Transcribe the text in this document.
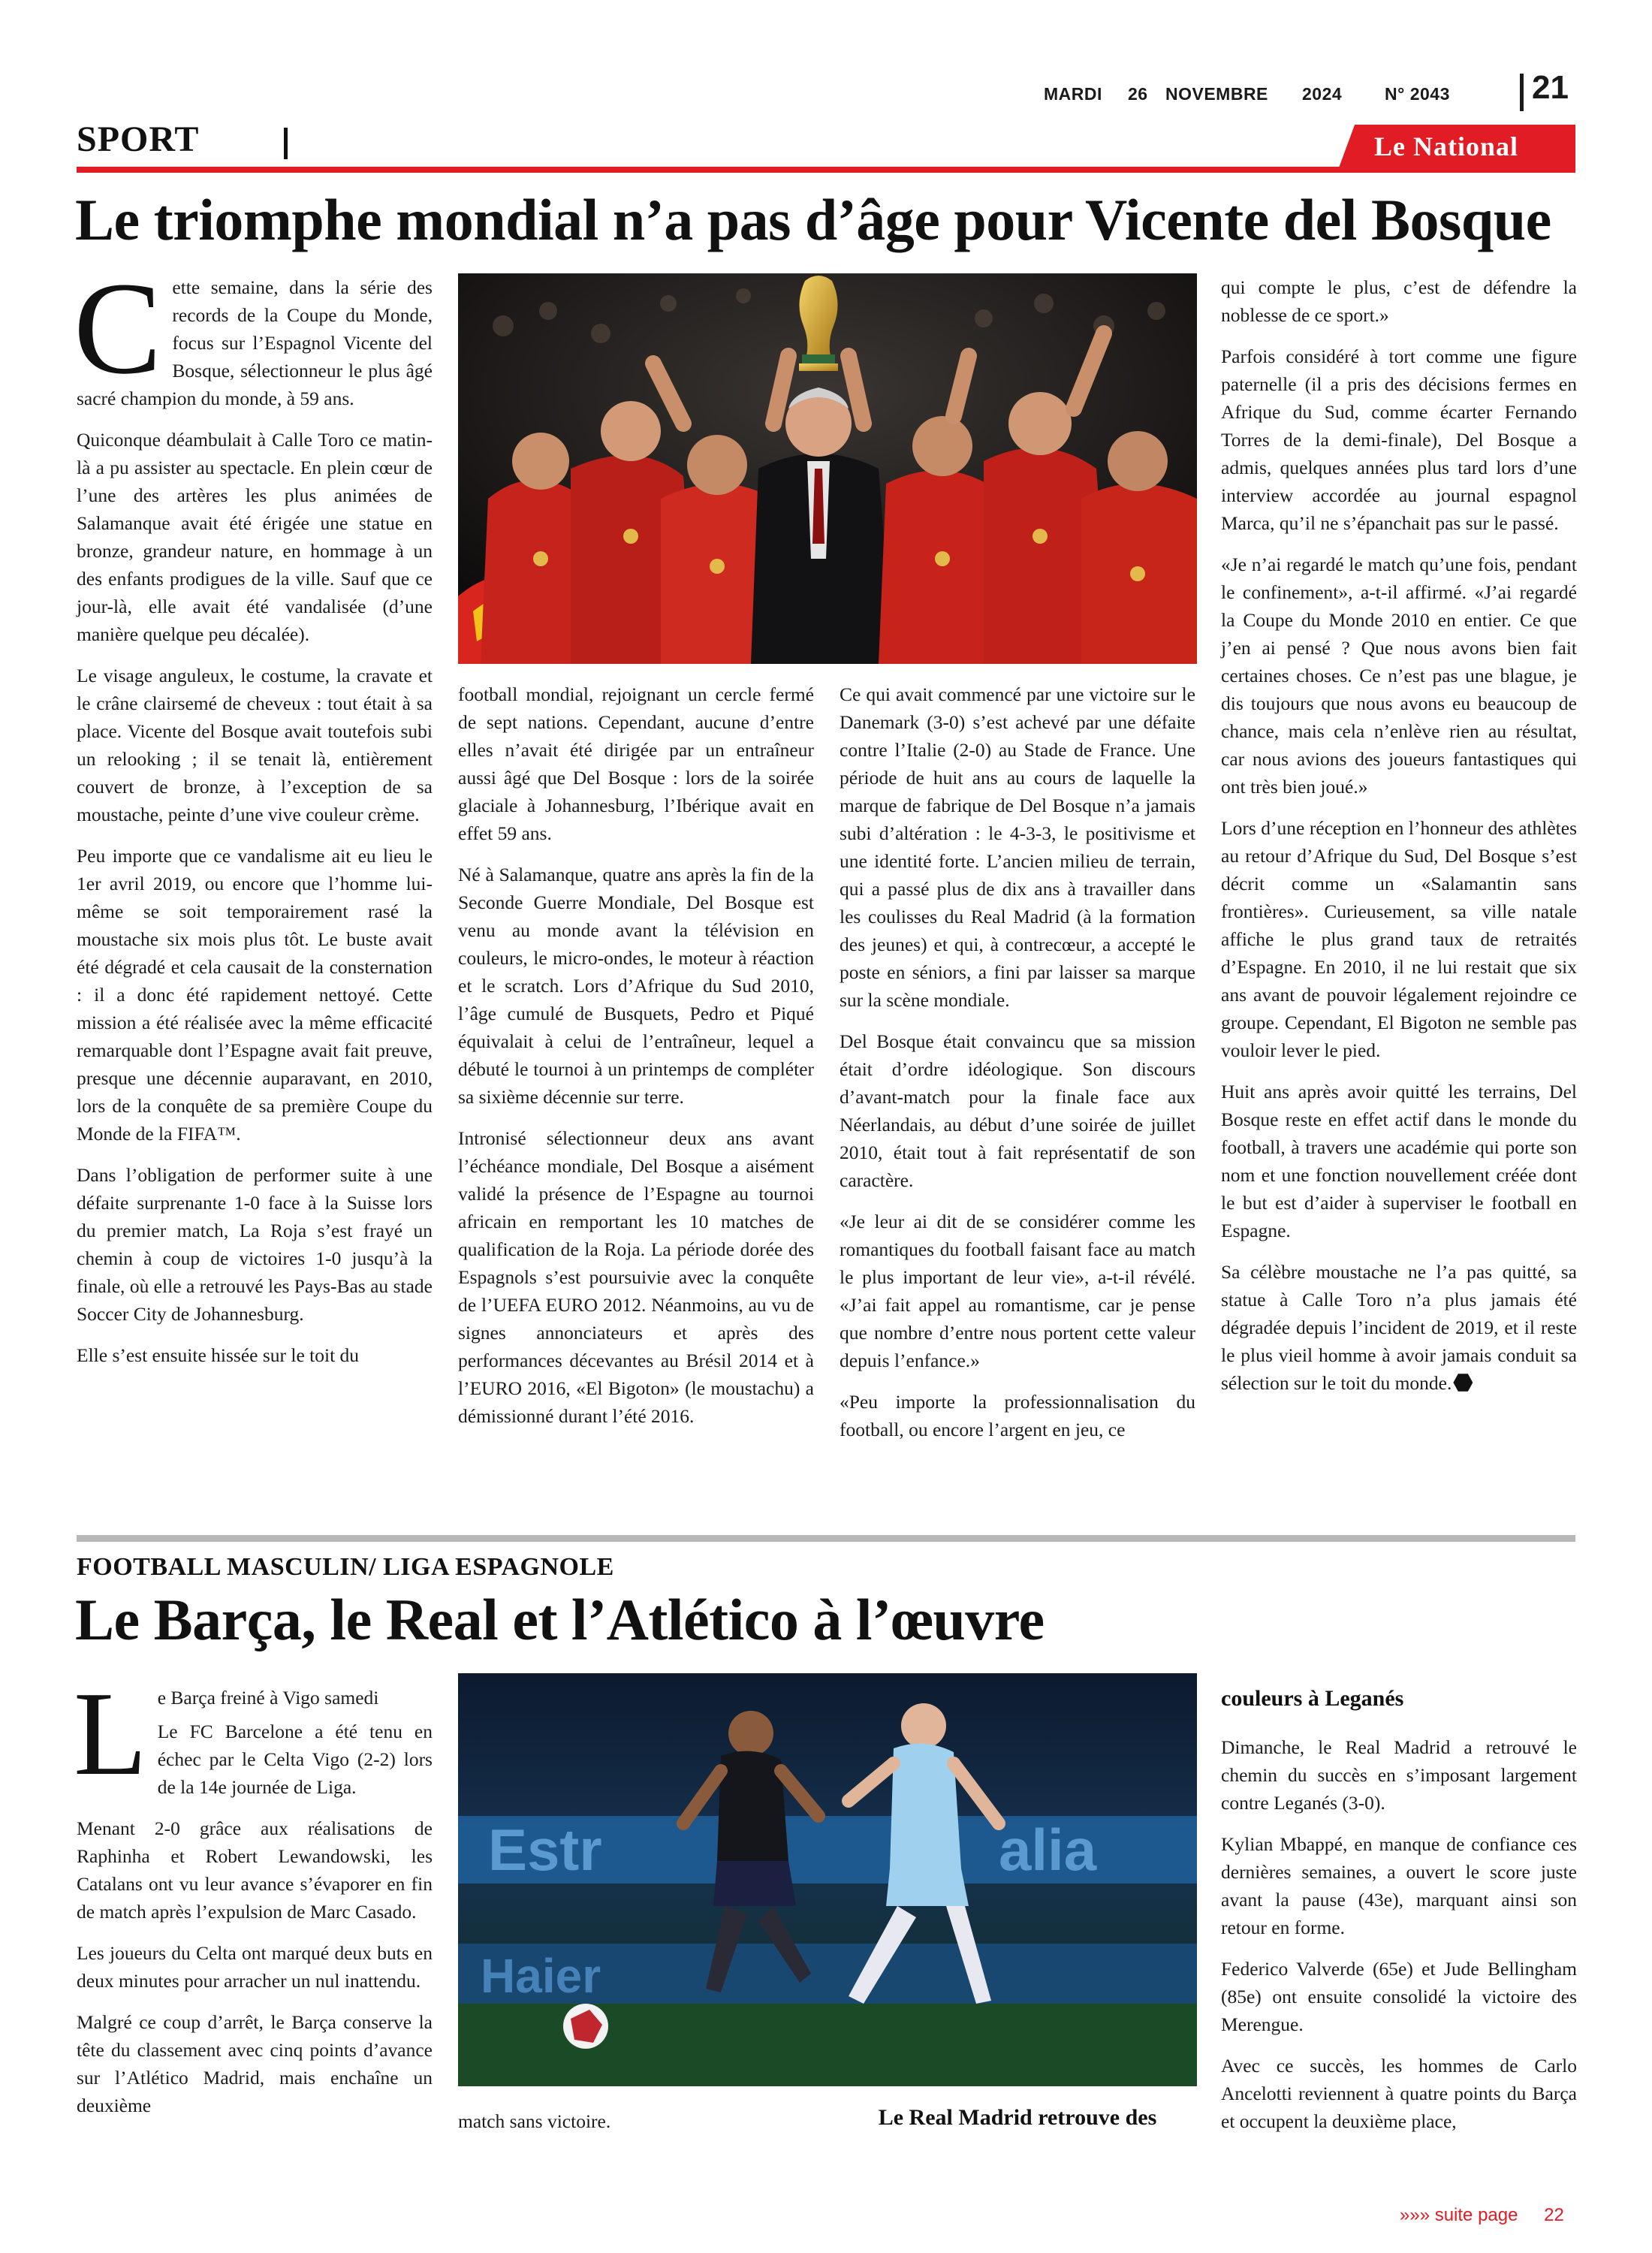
MARDI 26 NOVEMBRE 2024 N° 2043 21
SPORT	Le National
Le triomphe mondial n’a pas d’âge pour Vicente del Bosque

Cette semaine, dans la série des records de la Coupe du Monde, focus sur l’Espagnol Vicente del Bosque, sélectionneur le plus âgé sacré champion du monde, à 59 ans.

Quiconque déambulait à Calle Toro ce matin-là a pu assister au spectacle. En plein cœur de l’une des artères les plus animées de Salamanque avait été érigée une statue en bronze, grandeur nature, en hommage à un des enfants prodigues de la ville. Sauf que ce jour-là, elle avait été vandalisée (d’une manière quelque peu décalée).

Le visage anguleux, le costume, la cravate et le crâne clairsemé de cheveux : tout était à sa place. Vicente del Bosque avait toutefois subi un relooking ; il se tenait là, entièrement couvert de bronze, à l’exception de sa moustache, peinte d’une vive couleur crème.

Peu importe que ce vandalisme ait eu lieu le 1er avril 2019, ou encore que l’homme lui-même se soit temporairement rasé la moustache six mois plus tôt. Le buste avait été dégradé et cela causait de la consternation : il a donc été rapidement nettoyé. Cette mission a été réalisée avec la même efficacité remarquable dont l’Espagne avait fait preuve, presque une décennie auparavant, en 2010, lors de la conquête de sa première Coupe du Monde de la FIFA™.

Dans l’obligation de performer suite à une défaite surprenante 1-0 face à la Suisse lors du premier match, La Roja s’est frayé un chemin à coup de victoires 1-0 jusqu’à la finale, où elle a retrouvé les Pays-Bas au stade Soccer City de Johannesburg.

Elle s’est ensuite hissée sur le toit du

football mondial, rejoignant un cercle fermé de sept nations. Cependant, aucune d’entre elles n’avait été dirigée par un entraîneur aussi âgé que Del Bosque : lors de la soirée glaciale à Johannesburg, l’Ibérique avait en effet 59 ans.

Né à Salamanque, quatre ans après la fin de la Seconde Guerre Mondiale, Del Bosque est venu au monde avant la télévision en couleurs, le micro-ondes, le moteur à réaction et le scratch. Lors d’Afrique du Sud 2010, l’âge cumulé de Busquets, Pedro et Piqué équivalait à celui de l’entraîneur, lequel a débuté le tournoi à un printemps de compléter sa sixième décennie sur terre.

Intronisé sélectionneur deux ans avant l’échéance mondiale, Del Bosque a aisément validé la présence de l’Espagne au tournoi africain en remportant les 10 matches de qualification de la Roja. La période dorée des Espagnols s’est poursuivie avec la conquête de l’UEFA EURO 2012. Néanmoins, au vu de signes annonciateurs et après des performances décevantes au Brésil 2014 et à l’EURO 2016, «El Bigoton» (le moustachu) a démissionné durant l’été 2016.

Ce qui avait commencé par une victoire sur le Danemark (3-0) s’est achevé par une défaite contre l’Italie (2-0) au Stade de France. Une période de huit ans au cours de laquelle la marque de fabrique de Del Bosque n’a jamais subi d’altération : le 4-3-3, le positivisme et une identité forte. L’ancien milieu de terrain, qui a passé plus de dix ans à travailler dans les coulisses du Real Madrid (à la formation des jeunes) et qui, à contrecœur, a accepté le poste en séniors, a fini par laisser sa marque sur la scène mondiale.

Del Bosque était convaincu que sa mission était d’ordre idéologique. Son discours d’avant-match pour la finale face aux Néerlandais, au début d’une soirée de juillet 2010, était tout à fait représentatif de son caractère.

«Je leur ai dit de se considérer comme les romantiques du football faisant face au match le plus important de leur vie», a-t-il révélé. «J’ai fait appel au romantisme, car je pense que nombre d’entre nous portent cette valeur depuis l’enfance.»

«Peu importe la professionnalisation du football, ou encore l’argent en jeu, ce

qui compte le plus, c’est de défendre la noblesse de ce sport.»

Parfois considéré à tort comme une figure paternelle (il a pris des décisions fermes en Afrique du Sud, comme écarter Fernando Torres de la demi-finale), Del Bosque a admis, quelques années plus tard lors d’une interview accordée au journal espagnol Marca, qu’il ne s’épanchait pas sur le passé.

«Je n’ai regardé le match qu’une fois, pendant le confinement», a-t-il affirmé. «J’ai regardé la Coupe du Monde 2010 en entier. Ce que j’en ai pensé ? Que nous avons bien fait certaines choses. Ce n’est pas une blague, je dis toujours que nous avons eu beaucoup de chance, mais cela n’enlève rien au résultat, car nous avions des joueurs fantastiques qui ont très bien joué.»

Lors d’une réception en l’honneur des athlètes au retour d’Afrique du Sud, Del Bosque s’est décrit comme un «Salamantin sans frontières». Curieusement, sa ville natale affiche le plus grand taux de retraités d’Espagne. En 2010, il ne lui restait que six ans avant de pouvoir légalement rejoindre ce groupe. Cependant, El Bigoton ne semble pas vouloir lever le pied.

Huit ans après avoir quitté les terrains, Del Bosque reste en effet actif dans le monde du football, à travers une académie qui porte son nom et une fonction nouvellement créée dont le but est d’aider à superviser le football en Espagne.

Sa célèbre moustache ne l’a pas quitté, sa statue à Calle Toro n’a plus jamais été dégradée depuis l’incident de 2019, et il reste le plus vieil homme à avoir jamais conduit sa sélection sur le toit du monde.

FOOTBALL MASCULIN/ LIGA ESPAGNOLE
Le Barça, le Real et l’Atlético à l’œuvre

Le Barça freiné à Vigo samedi

Le FC Barcelone a été tenu en échec par le Celta Vigo (2-2) lors de la 14e journée de Liga.

Menant 2-0 grâce aux réalisations de Raphinha et Robert Lewandowski, les Catalans ont vu leur avance s’évaporer en fin de match après l’expulsion de Marc Casado.

Les joueurs du Celta ont marqué deux buts en deux minutes pour arracher un nul inattendu.

Malgré ce coup d’arrêt, le Barça conserve la tête du classement avec cinq points d’avance sur l’Atlético Madrid, mais enchaîne un deuxième

Estr	alia
Haier

match sans victoire.	Le Real Madrid retrouve des

couleurs à Leganés

Dimanche, le Real Madrid a retrouvé le chemin du succès en s’imposant largement contre Leganés (3-0).

Kylian Mbappé, en manque de confiance ces dernières semaines, a ouvert le score juste avant la pause (43e), marquant ainsi son retour en forme.

Federico Valverde (65e) et Jude Bellingham (85e) ont ensuite consolidé la victoire des Merengue.

Avec ce succès, les hommes de Carlo Ancelotti reviennent à quatre points du Barça et occupent la deuxième place,

»»» suite page 22
